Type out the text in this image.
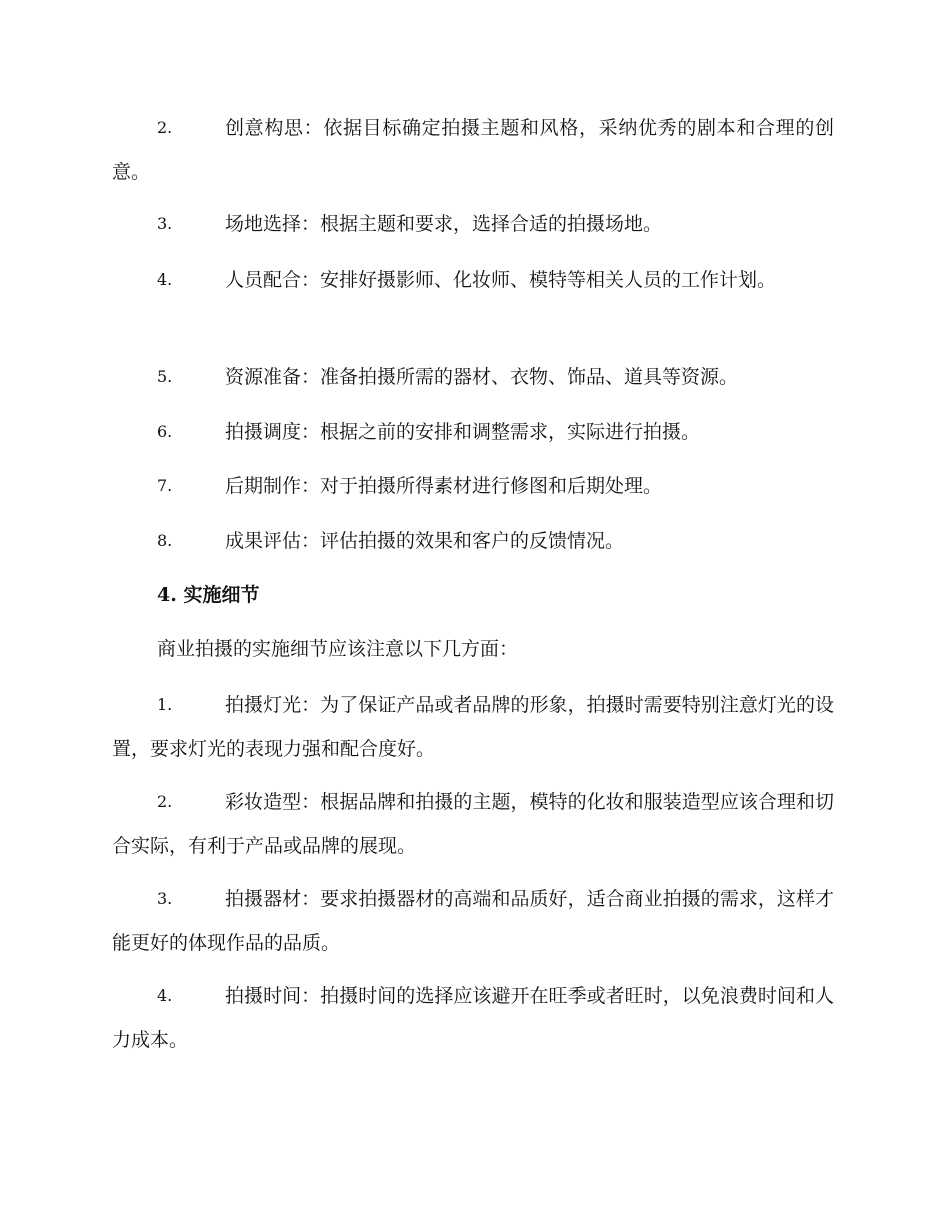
2.	创意构思：依据目标确定拍摄主题和风格，采纳优秀的剧本和合理的创意。
3.	场地选择：根据主题和要求，选择合适的拍摄场地。
4.	人员配合：安排好摄影师、化妆师、模特等相关人员的工作计划。
5.	资源准备：准备拍摄所需的器材、衣物、饰品、道具等资源。
6.	拍摄调度：根据之前的安排和调整需求，实际进行拍摄。
7.	后期制作：对于拍摄所得素材进行修图和后期处理。
8.	成果评估：评估拍摄的效果和客户的反馈情况。
4. 实施细节
商业拍摄的实施细节应该注意以下几方面：
1.	拍摄灯光：为了保证产品或者品牌的形象，拍摄时需要特别注意灯光的设置，要求灯光的表现力强和配合度好。
2.	彩妆造型：根据品牌和拍摄的主题，模特的化妆和服装造型应该合理和切合实际，有利于产品或品牌的展现。
3.	拍摄器材：要求拍摄器材的高端和品质好，适合商业拍摄的需求，这样才能更好的体现作品的品质。
4.	拍摄时间：拍摄时间的选择应该避开在旺季或者旺时，以免浪费时间和人力成本。
